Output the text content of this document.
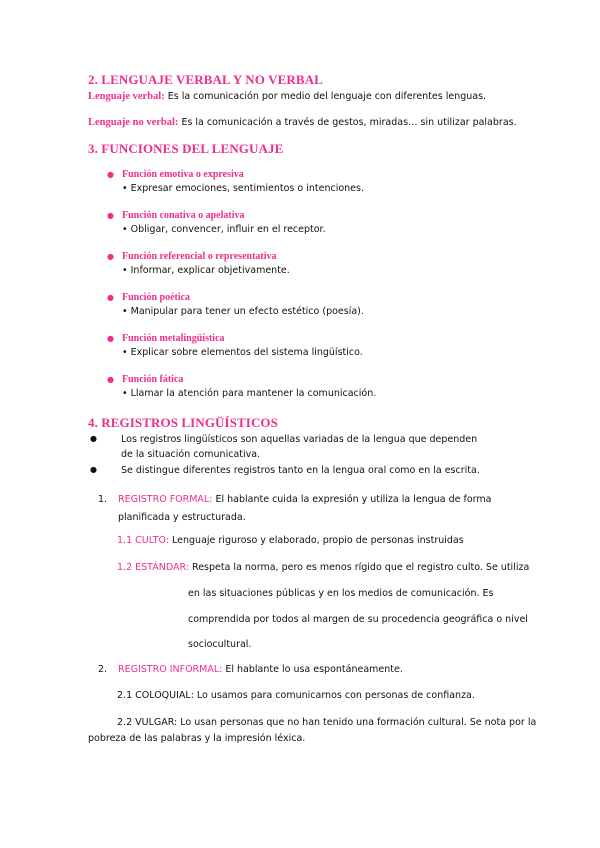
2. LENGUAJE VERBAL Y NO VERBAL
Lenguaje verbal: Es la comunicación por medio del lenguaje con diferentes lenguas.
Lenguaje no verbal: Es la comunicación a través de gestos, miradas… sin utilizar palabras.
3. FUNCIONES DEL LENGUAJE
● Función emotiva o expresiva
• Expresar emociones, sentimientos o intenciones.
● Función conativa o apelativa
• Obligar, convencer, influir en el receptor.
● Función referencial o representativa
• Informar, explicar objetivamente.
● Función poética
• Manipular para tener un efecto estético (poesía).
● Función metalingüística
• Explicar sobre elementos del sistema lingüístico.
● Función fática
• Llamar la atención para mantener la comunicación.
4. REGISTROS LINGÜÍSTICOS
●	Los registros lingüísticos son aquellas variadas de la lengua que dependen de la situación comunicativa.
●	Se distingue diferentes registros tanto en la lengua oral como en la escrita.
1. REGISTRO FORMAL: El hablante cuida la expresión y utiliza la lengua de forma planificada y estructurada.
1.1 CULTO: Lenguaje riguroso y elaborado, propio de personas instruidas
1.2 ESTÁNDAR: Respeta la norma, pero es menos rígido que el registro culto. Se utiliza
en las situaciones públicas y en los medios de comunicación. Es
comprendida por todos al margen de su procedencia geográfica o nivel
sociocultural.
2. REGISTRO INFORMAL: El hablante lo usa espontáneamente.
2.1 COLOQUIAL: Lo usamos para comunicarnos con personas de confianza.
2.2 VULGAR: Lo usan personas que no han tenido una formación cultural. Se nota por la
pobreza de las palabras y la impresión léxica.
